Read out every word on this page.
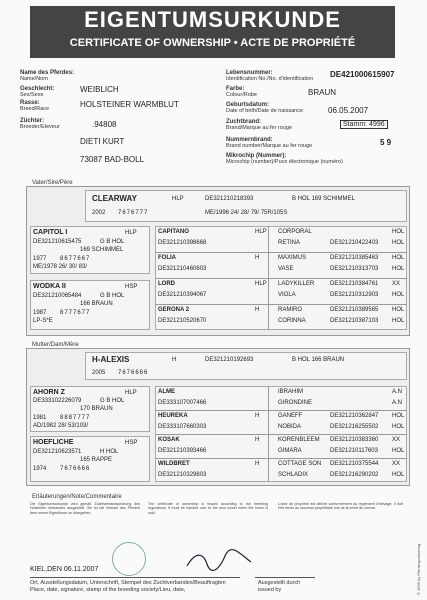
EIGENTUMSURKUNDE
CERTIFICATE OF OWNERSHIP • ACTE DE PROPRIÉTÉ
Name des Pferdes:
Name/Nom
Geschlecht:
Sex/Sexe
WEIBLICH
Rasse:
Breed/Race	HOLSTEINER WARMBLUT
Züchter:
Breeder/Eleveur	.94808
DIETI KURT
73087 BAD-BOLL
Lebensnummer:
Identification No./No. d'identification DE421000615907
Farbe:
Colour/Robe	BRAUN
Geburtsdatum:
Date of birth/Date de naissance	06.05.2007
Zuchtbrand:
Brand/Marque au fer rouge	Stamm: 4996
Nummernbrand:
Brand number/Marque au fer rouge	5 9
Mikrochip (Nummer):
Microchip (number)/Puce électronique (numéro)
Vater/Sire/Père
CLEARWAY	HLP	DE321210218393	B HOL 169 SCHIMMEL
2002 7676777	ME/1996 24/ 28/ 79/ 75R/105S
CAPITOL I	HLP
DE321210615475	G B HOL
169 SCHIMMEL
1977 8677667
ME/1978 26/ 30/ 83/
WODKA II	HSP
DE321210065484	G B HOL
166 BRAUN
1987 8777677
LP-S*E
CAPITANO	HLP
DE321210398668
CORPORAL	HOL
RETINA	DE321210422403 HOL
FOLIA	H
DE321210460603
MAXIMUS	DE321210385463 HOL
VASE	DE321210313703 HOL
LORD	HLP
DE321210394067
LADYKILLER	DE321210384761 XX
VIOLA	DE321210312903 HOL
GERONA 2	H
DE321210520670
RAMIRO	DE321210389565 HOL
CORINNA	DE321210387103 HOL
Mutter/Dam/Mère
H-ALEXIS	H	DE321210192693	B HOL 166 BRAUN
2005 7676666
AHORN Z	HLP
DE333102226079	G B HOL
170 BRAUN
1981 8887777
AD/1982 28/ 53/103/
HOEFLICHE	HSP
DE321210623571	H HOL
165 RAPPE
1974 7676666
ALME
DE333107007466
IBRAHIM	A.N
GIRONDINE	A.N
HEUREKA	H
DE333107660303
GANEFF	DE321210362847 HOL
NOBIDA	DE321216255502 HOL
KOSAK	H
DE321210393466
KORENBLEEM DE321210383360 XX
GIMARA	DE321210117603 HOL
WILDBRET	H
DE321210329803
COTTAGE SON DE321210375544 XX
SCHLADIX	DE321216290202 HOL
Erläuterungen/Note/Commentaire
Die Eigentumsurkunde wird gemäß Zuchtverbandsordnung des Holsteiner Verbandes ausgestellt. Sie ist bei Verkauf des Pferdes dem neuen Eigentümer zu übergeben.
The certificate of ownership is issued according to the breeding regulations. It must be handed over to the new owner when the horse is sold.
L'acte de propriété est délivré conformément au règlement d'élevage. Il doit être remis au nouveau propriétaire lors de la vente du cheval.
KIEL,DEN 06.11.2007
Ort, Ausstellungsdatum, Unterschrift, Stempel des Zuchtverbandes/Beauftragten
Place, date, signature, stamp of the breeding society/Lieu, date,
Ausgestellt durch
issued by	© 1999 by Pferdesportverlag
